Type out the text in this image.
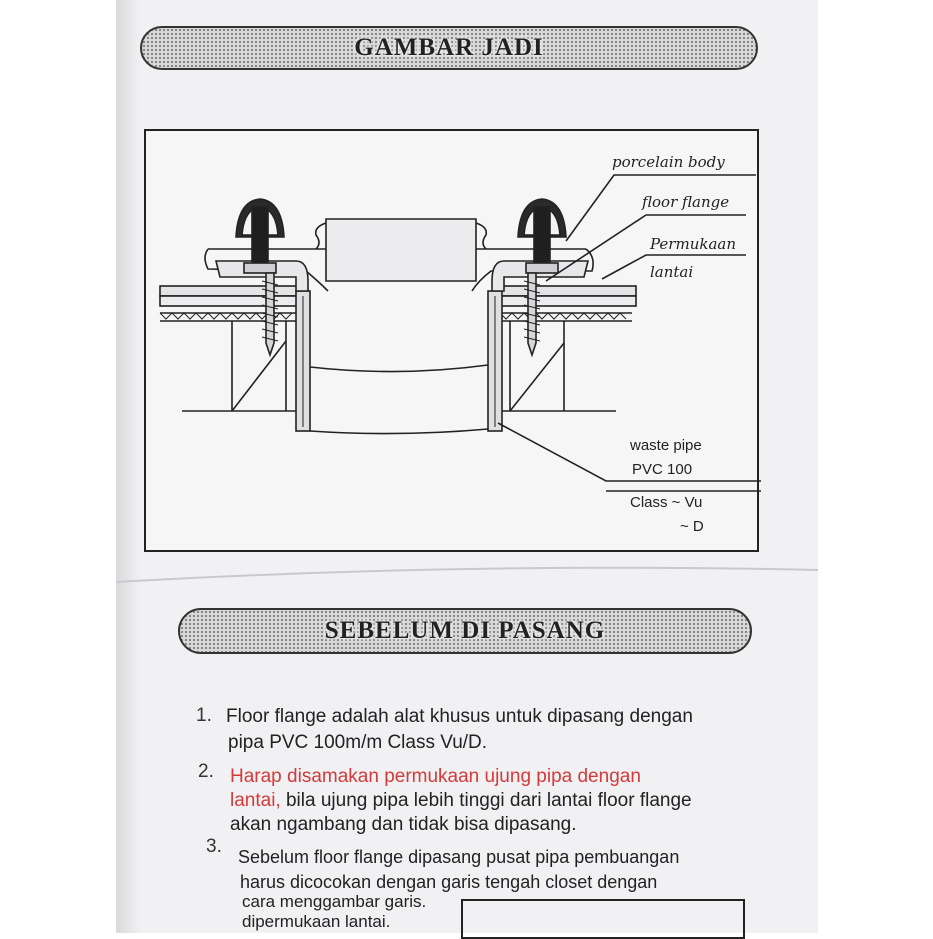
GAMBAR JADI
porcelain body
floor flange
Permukaan
lantai
waste pipe
PVC 100
Class ~ Vu
~ D
SEBELUM DI PASANG
1. Floor flange adalah alat khusus untuk dipasang dengan
pipa PVC 100m/m Class Vu/D.
2. Harap disamakan permukaan ujung pipa dengan
lantai, bila ujung pipa lebih tinggi dari lantai floor flange
akan ngambang dan tidak bisa dipasang.
3. Sebelum floor flange dipasang pusat pipa pembuangan
harus dicocokan dengan garis tengah closet dengan
cara menggambar garis.
dipermukaan lantai.
